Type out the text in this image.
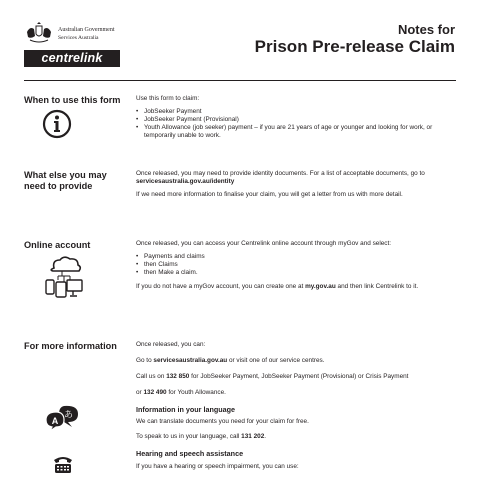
Australian Government
Services Australia
centrelink
Notes for
Prison Pre-release Claim
When to use this form	Use this form to claim:

• JobSeeker Payment
• JobSeeker Payment (Provisional)
• Youth Allowance (job seeker) payment – if you are 21 years of age or younger and looking for work, or temporarily unable to work.
What else you may need to provide

Once released, you may need to provide identity documents. For a list of acceptable documents, go to servicesaustralia.gov.au/identity

If we need more information to finalise your claim, you will get a letter from us with more detail.

Online account	Once released, you can access your Centrelink online account through myGov and select:

• Payments and claims
• then Claims
• then Make a claim.

If you do not have a myGov account, you can create one at my.gov.au and then link Centrelink to it.

For more information
あ
A

Once released, you can:

Go to servicesaustralia.gov.au or visit one of our service centres.

Call us on 132 850 for JobSeeker Payment, JobSeeker Payment (Provisional) or Crisis Payment

or 132 490 for Youth Allowance.

Information in your language

We can translate documents you need for your claim for free.

To speak to us in your language, call 131 202.

Hearing and speech assistance

If you have a hearing or speech impairment, you can use:
